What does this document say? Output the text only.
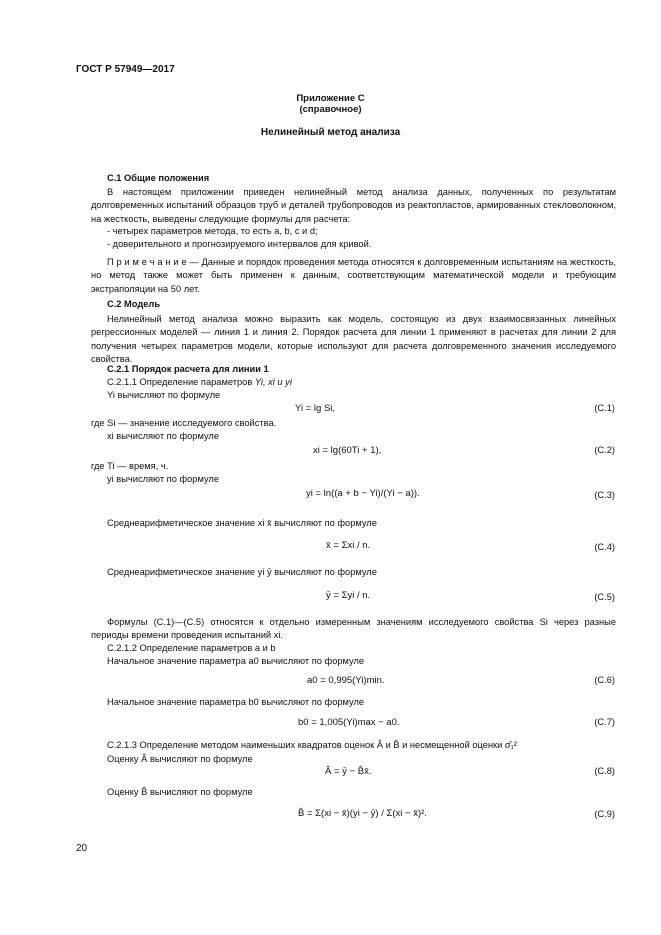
ГОСТ Р 57949—2017
Приложение С
(справочное)
Нелинейный метод анализа
С.1 Общие положения
В настоящем приложении приведен нелинейный метод анализа данных, полученных по результатам долговременных испытаний образцов труб и деталей трубопроводов из реактопластов, армированных стекловолокном, на жесткость, выведены следующие формулы для расчета:
- четырех параметров метода, то есть a, b, c и d;
- доверительного и прогнозируемого интервалов для кривой.
П р и м е ч а н и е — Данные и порядок проведения метода относятся к долговременным испытаниям на жесткость, но метод также может быть применен к данным, соответствующим математической модели и требующим экстраполяции на 50 лет.
С.2 Модель
Нелинейный метод анализа можно выразить как модель, состоящую из двух взаимосвязанных линейных регрессионных моделей — линия 1 и линия 2. Порядок расчета для линии 1 применяют в расчетах для линии 2 для получения четырех параметров модели, которые используют для расчета долговременного значения исследуемого свойства.
С.2.1 Порядок расчета для линии 1
С.2.1.1 Определение параметров Yi, xi и yi
Yi вычисляют по формуле
Yi = lg Si,	(С.1)
где Si — значение исследуемого свойства.
xi вычисляют по формуле
xi = lg(60Ti + 1),	(С.2)
где Ti — время, ч.
yi вычисляют по формуле
yi = ln((a + b − Yi)/(Yi − a)).	(С.3)
Среднеарифметическое значение xi x̄ вычисляют по формуле
x̄ = Σxi / n.	(С.4)
Среднеарифметическое значение yi ȳ вычисляют по формуле
ȳ = Σyi / n.	(С.5)
Формулы (С.1)—(С.5) относятся к отдельно измеренным значениям исследуемого свойства Si через разные периоды времени проведения испытаний xi.
С.2.1.2 Определение параметров a и b
Начальное значение параметра a0 вычисляют по формуле
a0 = 0,995(Yi)min.	(С.6)
Начальное значение параметра b0 вычисляют по формуле
b0 = 1,005(Yi)max − a0.	(С.7)
С.2.1.3 Определение методом наименьших квадратов оценок Â и B̂ и несмещенной оценки σ̂₁²
Оценку Â вычисляют по формуле
Â = ȳ − B̂x̄.	(С.8)
Оценку B̂ вычисляют по формуле
B̂ = Σ(xi − x̄)(yi − ȳ) / Σ(xi − x̄)².	(С.9)
20
